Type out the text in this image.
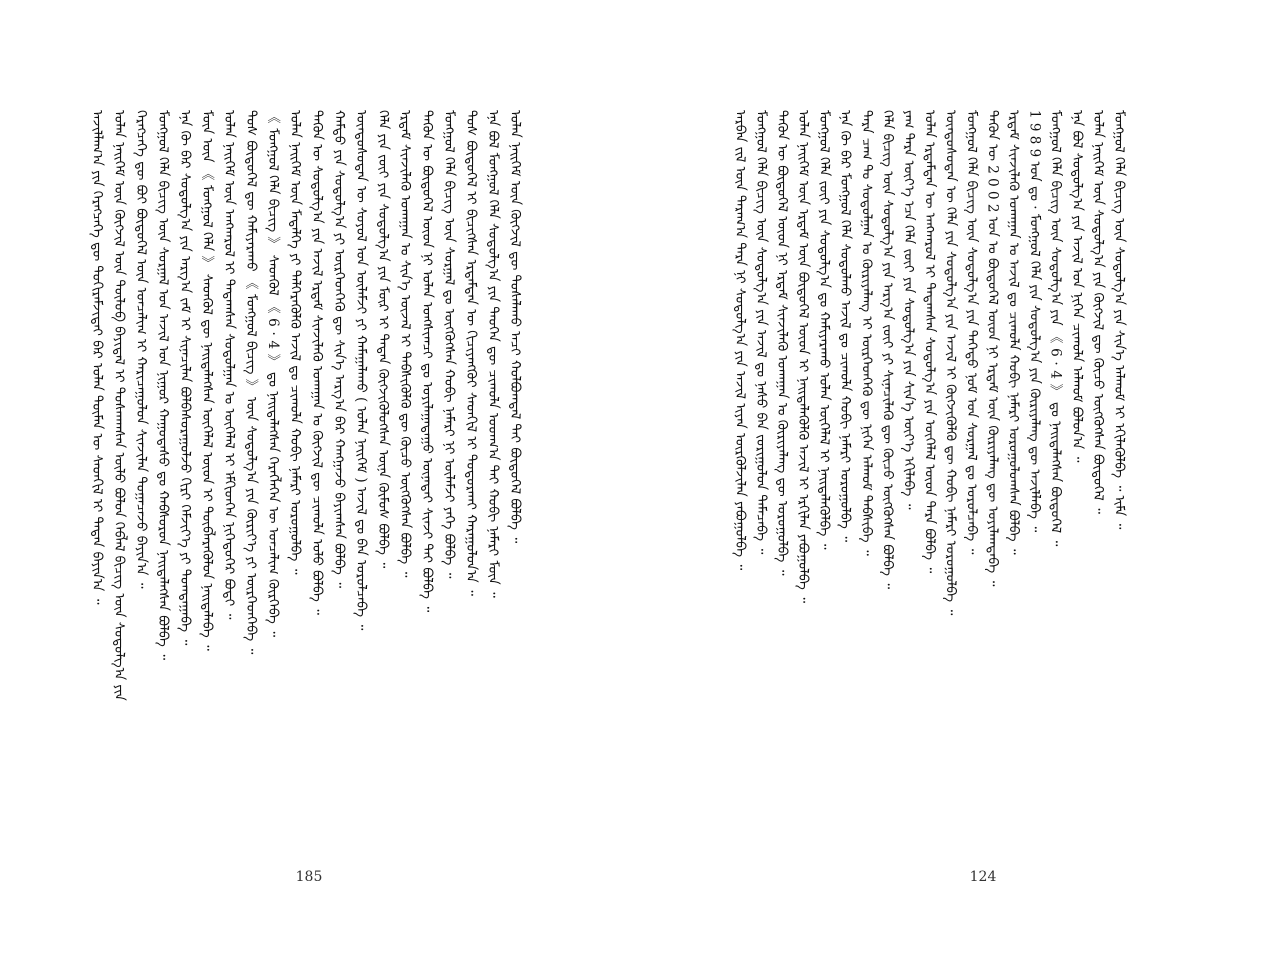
ᠠᠵᠢᠯᠯᠠᠭ᠎ᠠ ᠶᠢᠨ ᠬᠡᠷᠡᠭᠴᠡᠭᠡ ᠳᠦ ᠲᠣᠬᠢᠷᠠᠮᠵᠢᠲᠠᠢ ᠪᠠᠷ ᠣᠯᠠᠨ ᠲᠦᠮᠡᠨ ᠦ ᠰᠡᠳᠬᠢᠯ ᠢ ᠲᠠᠲᠠᠨ ᠪᠠᠶᠢᠨ᠎ᠠ ᠃ ᠣᠯᠠᠨ ᠨᠡᠢᠭᠡᠮ ᠦᠨ ᠬᠥᠭᠵᠢᠯ ᠦᠨ ᠲᠥᠯᠥᠪ ᠪᠠᠶᠢᠳᠠᠯ ᠢ ᠲᠤᠰᠬᠠᠭᠰᠠᠨ ᠦᠯᠦ ᠪᠤᠯᠤᠨ ᠬᠡᠪᠯᠡᠯ ᠪᠢᠴᠢᠭ ᠦᠨ ᠰᠤᠳᠤᠯᠭ᠎ᠠ ᠶᠢᠨ ᠬᠡᠷᠡᠭᠴᠡᠭᠡ ᠳᠦ ᠪᠤᠶ ᠪᠦᠲᠦᠭᠡᠯ ᠦᠨ ᠣᠨᠴᠠᠯᠢᠭ ᠢ ᠬᠠᠷᠢᠴᠠᠭᠤᠯᠤᠨ ᠰᠢᠨᠵᠢᠯᠡᠨ ᠲᠣᠭᠠᠴᠠᠵᠤ ᠪᠠᠶᠢᠨ᠎ᠠ ᠃ ᠮᠣᠩᠭᠣᠯ ᠬᠡᠯᠡ ᠪᠢᠴᠢᠭ ᠦᠨ ᠰᠤᠷᠭᠠᠯ ᠤᠨ ᠠᠵᠢᠯ ᠤᠨ ᠨᠢᠭᠤᠷ ᠬᠠᠭᠤᠳᠠᠰᠤ ᠳᠤ ᠬᠠᠪᠰᠤᠷᠤᠨ ᠨᠡᠢᠲᠡᠯᠡᠭᠰᠡᠨ ᠪᠣᠯᠪᠠ ᠃ ᠡᠨᠡ ᠬᠦ ᠪᠡᠷ ᠰᠤᠳᠤᠯᠭ᠎ᠠ ᠶᠢᠨ ᠠᠷᠭ᠎ᠠ ᠵᠠᠮ ᠢ ᠰᠢᠨᠡᠴᠢᠯᠡᠨ ᠪᠣᠯᠪᠠᠰᠤᠷᠠᠭᠤᠯᠵᠤ ᠬᠢᠷᠢ ᠬᠡᠮᠵᠢᠶ᠎ᠡ ᠶᠢ ᠲᠣᠭᠲᠠᠭᠠᠪᠠ ᠃ ᠮᠥᠨ ᠦᠨ 《 ᠮᠣᠩᠭᠣᠯ ᠬᠡᠯᠡ 》 ᠰᠡᠳᠬᠦᠯ ᠳᠦ ᠨᠡᠢᠲᠡᠯᠡᠭᠰᠡᠨ ᠥᠭᠡᠯᠡᠯ ᠦᠳ ᠢ ᠲᠥᠪᠯᠡᠷᠡᠭᠦᠯᠦᠨ ᠨᠡᠢᠲᠡᠯᠡᠪᠡ ᠃ ᠣᠯᠠᠨ ᠨᠡᠢᠭᠡᠮ ᠦᠨ ᠠᠩᠬᠠᠷᠤᠯ ᠢ ᠲᠠᠲᠠᠭᠰᠠᠨ ᠰᠤᠳᠤᠯᠭᠠᠨ ᠤ ᠥᠭᠡᠯᠡᠯ ᠢ ᠡᠮᠬᠢᠳᠬᠡᠨ ᠨᠢᠭᠡᠳᠦᠭᠡᠷ ᠪᠣᠳᠢ ᠃ ᠲᠤᠰ ᠪᠦᠲᠦᠭᠡᠯ ᠳᠦ ᠬᠠᠮᠢᠶᠠᠷᠠᠬᠤ 《 ᠮᠣᠩᠭᠣᠯ ᠪᠢᠴᠢᠭ 》 ᠦᠨ ᠰᠤᠳᠤᠯᠭ᠎ᠠ ᠶᠢᠨ ᠬᠦᠷᠢᠶ᠎ᠡ ᠶᠢ ᠥᠷᠭᠡᠳᠬᠡᠪᠡ ᠃ 《 ᠮᠣᠩᠭᠣᠯ ᠬᠡᠯᠡ ᠪᠢᠴᠢᠭ 》 ᠰᠡᠳᠬᠦᠯ 《 6 · 4 》 ᠳᠤ ᠨᠡᠢᠲᠡᠯᠡᠭᠰᠡᠨ ᠬᠡᠷᠡᠭᠯᠡᠭᠡᠨ ᠦ ᠣᠨᠴᠠᠯᠢᠭ ᠬᠦᠷᠭᠡᠪᠡ ᠃ ᠣᠯᠠᠨ ᠨᠡᠢᠭᠡᠮ ᠦᠨ ᠮᠡᠳᠡᠯᠭᠡ ᠶᠢ ᠳᠡᠯᠭᠡᠷᠡᠭᠦᠯᠬᠦ ᠠᠵᠢᠯ ᠳᠤ ᠴᠢᠬᠤᠯᠠ ᠬᠤᠪᠢ ᠨᠡᠮᠡᠷᠢ ᠣᠷᠤᠭᠤᠯᠪᠠ ᠃ ᠲᠡᠭᠦᠨ ᠦ ᠰᠤᠳᠤᠯᠭ᠎ᠠ ᠶᠢᠨ ᠠᠵᠢᠯ ᠡᠷᠳᠡᠮ ᠰᠢᠨᠵᠢᠯᠡᠬᠦ ᠤᠬᠠᠭᠠᠨ ᠤ ᠬᠥᠭᠵᠢᠯ ᠳᠦ ᠴᠢᠬᠤᠯᠠ ᠤᠯᠤ ᠪᠣᠯᠪᠠ ᠃ ᠬᠠᠮᠲᠤ ᠶᠢᠨ ᠰᠤᠳᠤᠯᠭ᠎ᠠ ᠶᠢ ᠥᠷᠭᠡᠳᠬᠡᠬᠦ ᠳᠦ ᠰᠢᠨ᠎ᠡ ᠠᠷᠭ᠎ᠠ ᠪᠠᠷ ᠬᠠᠩᠭᠠᠵᠤ ᠪᠠᠶᠢᠭᠰᠠᠨ ᠪᠣᠯᠪᠠ ᠃ ᠦᠨᠳᠦᠰᠦᠲᠡᠨ ᠦ ᠰᠣᠶᠣᠯ ᠤᠨ ᠦᠯᠡᠮᠵᠢ ᠶᠢ ᠬᠠᠮᠠᠭᠠᠯᠠᠬᠤ ( ᠣᠯᠠᠨ ᠨᠡᠢᠭᠡᠮ ) ᠠᠵᠢᠯ ᠳᠤ ᠪᠠᠨ ᠣᠷᠤᠯᠴᠠᠪᠠ ᠃ ᠬᠡᠯᠡ ᠶᠢᠨ ᠵᠦᠢ ᠶᠢᠨ ᠰᠤᠳᠤᠯᠭ᠎ᠠ ᠶᠢᠨ ᠮᠥᠷ ᠢ ᠲᠠᠲᠠᠨ ᠬᠥᠭᠵᠢᠭᠦᠯᠦᠭᠰᠡᠨ ᠦᠨᠡ ᠬᠦᠮᠦᠰ ᠪᠣᠯᠪᠠ ᠃ ᠡᠷᠳᠡᠮ ᠰᠢᠨᠵᠢᠯᠡᠬᠦ ᠤᠬᠠᠭᠠᠨ ᠤ ᠰᠢᠨ᠎ᠡ ᠦᠵᠡᠯ ᠢ ᠳᠡᠪᠰᠢᠭᠦᠯᠬᠦ ᠳᠦ ᠬᠦᠴᠦ ᠥᠭᠭᠦᠭᠰᠡᠨ ᠪᠣᠯᠪᠠ ᠃ ᠲᠡᠭᠦᠨ ᠦ ᠪᠦᠲᠦᠭᠡᠯ ᠦᠳ ᠨᠢ ᠣᠯᠠᠨ ᠤᠩᠰᠢᠭᠴᠢ ᠳᠤ ᠣᠶᠢᠯᠠᠭᠠᠳᠠᠭᠤ ᠦᠨᠡᠲᠡᠢ ᠰᠢᠨᠵᠢ ᠲᠠᠢ ᠪᠣᠯᠪᠠ ᠃ ᠮᠣᠩᠭᠣᠯ ᠬᠡᠯᠡ ᠪᠢᠴᠢᠭ ᠦᠨ ᠰᠤᠷᠭᠠᠯ ᠳᠤ ᠥᠭᠭᠦᠭᠰᠡᠨ ᠬᠤᠪᠢ ᠨᠡᠮᠡᠷᠢ ᠨᠢ ᠦᠯᠡᠮᠵᠢ ᠶᠡᠬᠡ ᠪᠣᠯᠪᠠ ᠃ ᠲᠤᠰ ᠪᠦᠲᠦᠭᠡᠯ ᠢ ᠪᠢᠴᠢᠭᠰᠡᠨ ᠡᠷᠳᠡᠮᠲᠡᠨ ᠦ ᠬᠢᠴᠢᠶᠡᠩᠭᠦᠢ ᠰᠡᠳᠬᠢᠯ ᠢ ᠲᠣᠳᠣᠷᠬᠠᠢ ᠬᠠᠷᠠᠭᠤᠯᠤᠨ᠎ᠠ ᠃ ᠡᠨᠡ ᠪᠣᠯ ᠮᠣᠩᠭᠣᠯ ᠬᠡᠯᠡ ᠰᠤᠳᠤᠯᠭ᠎ᠠ ᠶᠢᠨ ᠲᠡᠦᠬᠡᠨ ᠳᠦ ᠴᠢᠬᠤᠯᠠ ᠤᠳᠬ᠎ᠠ ᠲᠠᠢ ᠬᠤᠪᠢ ᠨᠡᠮᠡᠷᠢ ᠮᠥᠨ ᠃ ᠣᠯᠠᠨ ᠨᠡᠢᠭᠡᠮ ᠦᠨ ᠬᠥᠭᠵᠢᠯ ᠳᠦ ᠲᠤᠰᠠᠯᠠᠬᠤ ᠠᠴᠢ ᠬᠣᠯᠪᠣᠭᠳᠠᠯ ᠲᠠᠢ ᠪᠦᠲᠦᠭᠡᠯ ᠪᠣᠯᠪᠠ ᠃
185
ᠠᠷᠪᠠᠨ ᠵᠢᠯ ᠦᠨ ᠳᠠᠷᠠᠭ᠎ᠠ ᠲᠡᠷᠡ ᠨᠢ ᠰᠤᠳᠤᠯᠭ᠎ᠠ ᠶᠢᠨ ᠠᠵᠢᠯ ᠢᠶᠠᠨ ᠦᠷᠭᠦᠯᠵᠢᠯᠡᠨ ᠶᠠᠪᠤᠭᠤᠯᠪᠠ ᠃ ᠮᠣᠩᠭᠣᠯ ᠬᠡᠯᠡ ᠪᠢᠴᠢᠭ ᠦᠨ ᠰᠤᠳᠤᠯᠭ᠎ᠠ ᠶᠢᠨ ᠠᠵᠢᠯ ᠳᠤ ᠨᠠᠰᠤ ᠪᠠᠨ ᠵᠣᠷᠢᠭᠤᠯᠤᠨ ᠲᠡᠮᠡᠴᠡᠪᠡ ᠃ ᠲᠡᠭᠦᠨ ᠦ ᠪᠦᠲᠦᠭᠡᠯ ᠦᠳ ᠨᠢ ᠡᠷᠳᠡᠮ ᠰᠢᠨᠵᠢᠯᠡᠬᠦ ᠤᠬᠠᠭᠠᠨ ᠤ ᠬᠦᠷᠢᠶᠡᠯᠡᠩ ᠳᠦ ᠣᠷᠤᠭᠤᠯᠪᠠ ᠃ ᠣᠯᠠᠨ ᠨᠡᠢᠭᠡᠮ ᠦᠨ ᠡᠷᠳᠡᠮ ᠦᠨ ᠪᠦᠲᠦᠭᠡᠯ ᠦᠳ ᠢ ᠨᠡᠢᠲᠡᠯᠡᠭᠦᠯᠬᠦ ᠠᠵᠢᠯ ᠢ ᠡᠷᠬᠢᠯᠡᠨ ᠶᠠᠪᠤᠭᠤᠯᠪᠠ ᠃ ᠮᠣᠩᠭᠣᠯ ᠬᠡᠯᠡ ᠵᠦᠢ ᠶᠢᠨ ᠰᠤᠳᠤᠯᠭ᠎ᠠ ᠳᠤ ᠬᠠᠮᠢᠶᠠᠷᠠᠬᠤ ᠣᠯᠠᠨ ᠥᠭᠡᠯᠡᠯ ᠢ ᠨᠡᠢᠲᠡᠯᠡᠭᠦᠯᠪᠡ ᠃ ᠡᠨᠡ ᠬᠦ ᠪᠡᠷ ᠮᠣᠩᠭᠣᠯ ᠬᠡᠯᠡ ᠰᠤᠳᠤᠯᠬᠤ ᠠᠵᠢᠯ ᠳᠤ ᠴᠢᠬᠤᠯᠠ ᠬᠤᠪᠢ ᠨᠡᠮᠡᠷᠢ ᠣᠷᠤᠭᠤᠯᠪᠠ ᠃ ᠲᠡᠷᠡ ᠴᠠᠭ ᠲᠤ ᠰᠤᠳᠤᠯᠭᠠᠨ ᠤ ᠬᠦᠷᠢᠶᠡᠯᠡᠩ ᠢ ᠥᠷᠭᠡᠳᠬᠡᠬᠦ ᠳᠦ ᠨᠢᠭᠡᠨ ᠠᠯᠬᠤᠮ ᠳᠡᠪᠰᠢᠪᠡ ᠃ ᠬᠡᠯᠡ ᠪᠢᠴᠢᠭ ᠦᠨ ᠰᠤᠳᠤᠯᠭ᠎ᠠ ᠶᠢᠨ ᠠᠷᠭ᠎ᠠ ᠵᠦᠢ ᠶᠢ ᠰᠢᠨᠡᠴᠢᠯᠡᠬᠦ ᠳᠦ ᠬᠦᠴᠦ ᠥᠭᠭᠦᠭᠰᠡᠨ ᠪᠣᠯᠪᠠ ᠃ ᠶᠠᠭ ᠲᠡᠷᠡ ᠦᠶ᠎ᠡ ᠡᠴᠡ ᠬᠡᠯᠡ ᠵᠦᠢ ᠶᠢᠨ ᠰᠤᠳᠤᠯᠭ᠎ᠠ ᠶᠢᠨ ᠰᠢᠨ᠎ᠡ ᠦᠶ᠎ᠡ ᠡᠬᠢᠯᠡᠪᠡ ᠃ ᠣᠯᠠᠨ ᠡᠷᠳᠡᠮᠲᠡᠨ ᠦ ᠠᠩᠬᠠᠷᠤᠯ ᠢ ᠲᠠᠲᠠᠭᠰᠠᠨ ᠰᠤᠳᠤᠯᠭ᠎ᠠ ᠶᠢᠨ ᠥᠭᠡᠯᠡᠯ ᠦᠳ ᠲᠡᠷᠡ ᠪᠣᠯᠪᠠ ᠃ ᠦᠨᠳᠦᠰᠦᠲᠡᠨ ᠦ ᠬᠡᠯᠡ ᠶᠢᠨ ᠰᠤᠳᠤᠯᠭ᠎ᠠ ᠶᠢᠨ ᠠᠵᠢᠯ ᠢ ᠬᠥᠭᠵᠢᠭᠦᠯᠬᠦ ᠳᠦ ᠬᠤᠪᠢ ᠨᠡᠮᠡᠷᠢ ᠣᠷᠤᠭᠤᠯᠪᠠ ᠃ ᠮᠣᠩᠭᠣᠯ ᠬᠡᠯᠡ ᠪᠢᠴᠢᠭ ᠦᠨ ᠰᠤᠳᠤᠯᠭ᠎ᠠ ᠶᠢᠨ ᠳᠡᠭᠡᠳᠦ ᠨᠣᠮ ᠤᠨ ᠰᠤᠷᠭᠠᠯ ᠳᠤ ᠣᠷᠤᠯᠴᠠᠪᠠ ᠃ ᠲᠡᠭᠦᠨ ᠦ 2 0 0 2 ᠣᠨ ᠤ ᠪᠦᠲᠦᠭᠡᠯ ᠦᠳ ᠨᠢ ᠡᠷᠳᠡᠮ ᠦᠨ ᠬᠦᠷᠢᠶᠡᠯᠡᠩ ᠳᠦ ᠣᠶᠢᠯᠠᠭᠳᠠᠪᠠ ᠃ ᠡᠷᠳᠡᠮ ᠰᠢᠨᠵᠢᠯᠡᠬᠦ ᠤᠬᠠᠭᠠᠨ ᠤ ᠠᠵᠢᠯ ᠳᠤ ᠴᠢᠬᠤᠯᠠ ᠬᠤᠪᠢ ᠨᠡᠮᠡᠷᠢ ᠣᠷᠤᠭᠤᠯᠤᠭᠰᠠᠨ ᠪᠣᠯᠪᠠ ᠃ 1 9 8 9 ᠣᠨ ᠳᠤ · ᠮᠣᠩᠭᠣᠯ ᠬᠡᠯᠡ ᠶᠢᠨ ᠰᠤᠳᠤᠯᠭ᠎ᠠ ᠶᠢᠨ ᠬᠦᠷᠢᠶᠡᠯᠡᠩ ᠳᠦ ᠠᠵᠢᠯᠯᠠᠪᠠ ᠃ ᠮᠣᠩᠭᠣᠯ ᠬᠡᠯᠡ ᠪᠢᠴᠢᠭ ᠦᠨ ᠰᠤᠳᠤᠯᠭ᠎ᠠ ᠶᠢᠨ 《 6 · 4 》 ᠳᠤ ᠨᠡᠢᠲᠡᠯᠡᠭᠰᠡᠨ ᠪᠦᠲᠦᠭᠡᠯ ᠃ ᠡᠨᠡ ᠪᠣᠯ ᠰᠤᠳᠤᠯᠭ᠎ᠠ ᠶᠢᠨ ᠠᠵᠢᠯ ᠤᠨ ᠨᠢᠭᠡᠨ ᠴᠢᠬᠤᠯᠠ ᠠᠯᠬᠤᠮ ᠪᠣᠯᠤᠨ᠎ᠠ ᠃ ᠣᠯᠠᠨ ᠨᠡᠢᠭᠡᠮ ᠦᠨ ᠰᠤᠳᠤᠯᠭ᠎ᠠ ᠶᠢᠨ ᠬᠥᠭᠵᠢᠯ ᠳᠦ ᠬᠦᠴᠦ ᠥᠭᠭᠦᠭᠰᠡᠨ ᠪᠦᠲᠦᠭᠡᠯ ᠃ ᠮᠣᠩᠭᠣᠯ ᠬᠡᠯᠡ ᠪᠢᠴᠢᠭ ᠦᠨ ᠰᠤᠳᠤᠯᠭ᠎ᠠ ᠶᠢᠨ ᠰᠢᠨ᠎ᠡ ᠠᠯᠬᠤᠮ ᠢ ᠡᠬᠢᠯᠡᠭᠦᠯᠪᠡ ᠃ ᠢᠮᠠ ᠃
124
